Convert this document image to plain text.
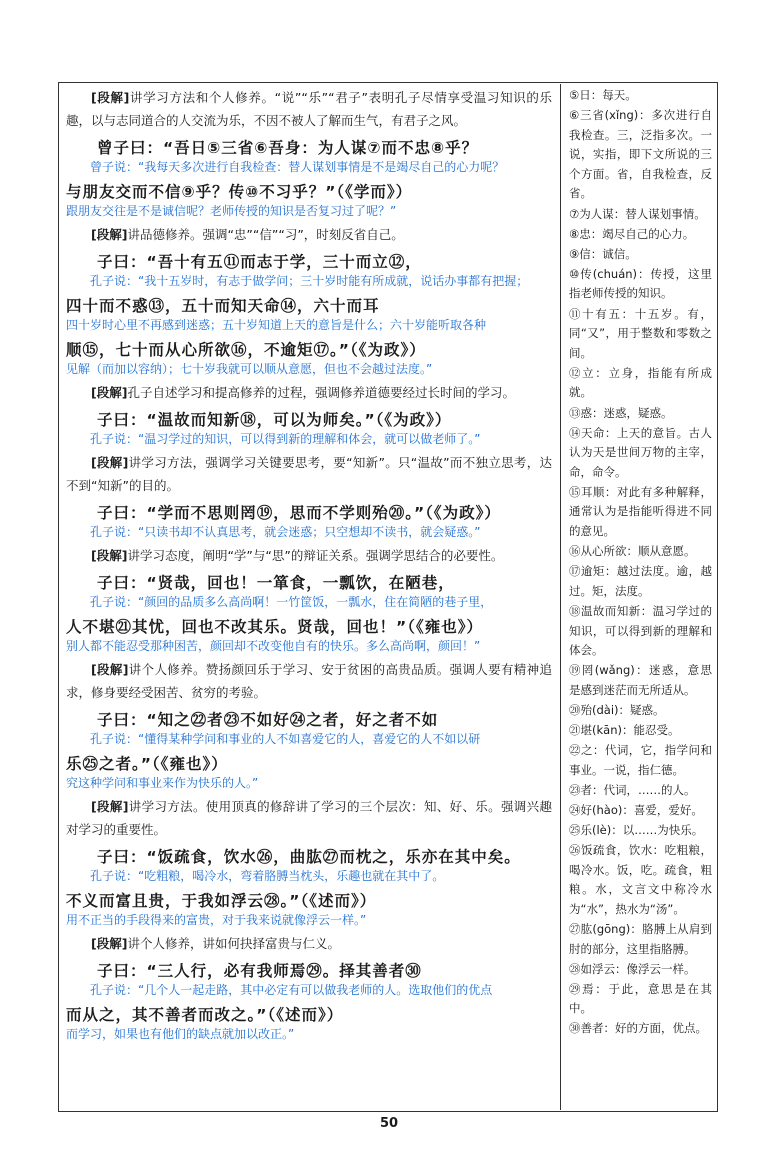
[段解]讲学习方法和个人修养。“说”“乐”“君子”表明孔子尽情享受温习知识的乐趣，以与志同道合的人交流为乐，不因不被人了解而生气，有君子之风。

曾子曰：“吾日⑤三省⑥吾身：为人谋⑦而不忠⑧乎？

曾子说：“我每天多次进行自我检查：替人谋划事情是不是竭尽自己的心力呢？

与朋友交而不信⑨乎？传⑩不习乎？”（《学而》）

跟朋友交往是不是诚信呢？老师传授的知识是否复习过了呢？”

[段解]讲品德修养。强调“忠”“信”“习”，时刻反省自己。

子曰：“吾十有五⑪而志于学，三十而立⑫，

孔子说：“我十五岁时，有志于做学问；三十岁时能有所成就，说话办事都有把握；

四十而不惑⑬，五十而知天命⑭，六十而耳

四十岁时心里不再感到迷惑；五十岁知道上天的意旨是什么；六十岁能听取各种

顺⑮，七十而从心所欲⑯，不逾矩⑰。”（《为政》）

见解（而加以容纳）；七十岁我就可以顺从意愿，但也不会越过法度。”

[段解]孔子自述学习和提高修养的过程，强调修养道德要经过长时间的学习。

子曰：“温故而知新⑱，可以为师矣。”（《为政》）

孔子说：“温习学过的知识，可以得到新的理解和体会，就可以做老师了。”

[段解]讲学习方法，强调学习关键要思考，要“知新”。只“温故”而不独立思考，达不到“知新”的目的。

子曰：“学而不思则罔⑲，思而不学则殆⑳。”（《为政》）

孔子说：“只读书却不认真思考，就会迷惑；只空想却不读书，就会疑惑。”

[段解]讲学习态度，阐明“学”与“思”的辩证关系。强调学思结合的必要性。

子曰：“贤哉，回也！一箪食，一瓢饮，在陋巷，

孔子说：“颜回的品质多么高尚啊！一竹筐饭，一瓢水，住在简陋的巷子里，

人不堪㉑其忧，回也不改其乐。贤哉，回也！”（《雍也》）

别人都不能忍受那种困苦，颜回却不改变他自有的快乐。多么高尚啊，颜回！”

[段解]讲个人修养。赞扬颜回乐于学习、安于贫困的高贵品质。强调人要有精神追求，修身要经受困苦、贫穷的考验。

子曰：“知之㉒者㉓不如好㉔之者，好之者不如

孔子说：“懂得某种学问和事业的人不如喜爱它的人，喜爱它的人不如以研

乐㉕之者。”（《雍也》）

究这种学问和事业来作为快乐的人。”

[段解]讲学习方法。使用顶真的修辞讲了学习的三个层次：知、好、乐。强调兴趣对学习的重要性。

子曰：“饭疏食，饮水㉖，曲肱㉗而枕之，乐亦在其中矣。

孔子说：“吃粗粮，喝冷水，弯着胳膊当枕头，乐趣也就在其中了。

不义而富且贵，于我如浮云㉘。”（《述而》）

用不正当的手段得来的富贵，对于我来说就像浮云一样。”

[段解]讲个人修养，讲如何抉择富贵与仁义。

子曰：“三人行，必有我师焉㉙。择其善者㉚

孔子说：“几个人一起走路，其中必定有可以做我老师的人。选取他们的优点

而从之，其不善者而改之。”（《述而》）

而学习，如果也有他们的缺点就加以改正。”

⑤日：每天。

⑥三省(xǐng)：多次进行自我检查。三，泛指多次。一说，实指，即下文所说的三个方面。省，自我检查，反省。

⑦为人谋：替人谋划事情。

⑧忠：竭尽自己的心力。

⑨信：诚信。

⑩传(chuán)：传授，这里指老师传授的知识。

⑪十有五：十五岁。有，同“又”，用于整数和零数之间。

⑫立：立身，指能有所成就。

⑬惑：迷惑，疑惑。

⑭天命：上天的意旨。古人认为天是世间万物的主宰，命，命令。

⑮耳顺：对此有多种解释，通常认为是指能听得进不同的意见。

⑯从心所欲：顺从意愿。

⑰逾矩：越过法度。逾，越过。矩，法度。

⑱温故而知新：温习学过的知识，可以得到新的理解和体会。

⑲罔(wǎng)：迷惑，意思是感到迷茫而无所适从。

⑳殆(dài)：疑惑。

㉑堪(kān)：能忍受。

㉒之：代词，它，指学问和事业。一说，指仁德。

㉓者：代词，……的人。

㉔好(hào)：喜爱，爱好。

㉕乐(lè)：以……为快乐。

㉖饭疏食，饮水：吃粗粮，喝冷水。饭，吃。疏食，粗粮。水，文言文中称冷水为“水”，热水为“汤”。

㉗肱(gōng)：胳膊上从肩到肘的部分，这里指胳膊。

㉘如浮云：像浮云一样。

㉙焉：于此，意思是在其中。

㉚善者：好的方面，优点。

50
